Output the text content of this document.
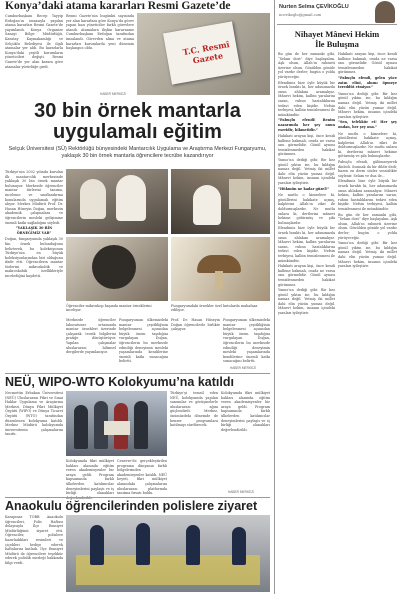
Konya’daki atama kararları Resmi Gazete’de
Cumhurbaşkanı Recep Tayyip Erdoğan’ın imzasıyla yapılan atama kararları Resmi Gazete’de yayımlandı. Konya Organize Sanayi Bölge Müdürlüğü, Karatay Kaymakamlığı ve Selçuklu Belediyesi ile ilgili atamalar yer aldı. Bu kararlarla Konya’daki çeşitli kurumların yöneticileri değişti. Resmi Gazete’de yer alan karara göre atamalar yürürlüğe girdi.
Resmi Gazete’nin bugünkü sayısında yer alan kararlara göre Konya’da görev yapan bazı yöneticiler farklı görevlere atandı. Atamalara ilişkin kararname Cumhurbaşkanı Erdoğan tarafından imzalandı. Görevden alma ve atama kararları kurumlarda yeni dönemin başlangıcı oldu.	T.C. Resmî Gazete
HABER MERKEZİ
30 bin örnek mantarla
uygulamalı eğitim
Selçuk Üniversitesi (SÜ) Rektörlüğü bünyesindeki Mantarcılık Uygulama ve Araştırma Merkezi Fungaryumu, yaklaşık 30 bin örnek mantarla öğrencilere tecrübe kazandırıyor

Türkiye’nin 2002 yılında kurulan ilk mantarcılık merkezinde yaklaşık 30 bin örnek mantar bulunuyor. Merkezde öğrenciler mantar türlerini tanıma, inceleme ve sınıflandırma konularında uygulamalı eğitim alıyor. Merkez Müdürü Prof. Dr. Hasan Hüseyin Doğan, merkezin akademik çalışmalara ve öğrencilerin mesleki gelişimine önemli katkı sağladığını söyledi.

“YAKLAŞIK 30 BİN ÖRNEĞİMİZ VAR”

Doğan, fungaryumda yaklaşık 30 bin örnek bulunduğunu belirterek, bu koleksiyonun Türkiye’nin en büyük koleksiyonlarından biri olduğunu ifade etti. Öğrencilerin mantar türlerini mikroskobik ve makroskobik özellikleriyle incelediğini kaydetti.

Öğrenciler mikroskop başında mantar örneklerini inceliyor.
Fungaryumdaki örnekler özel kutularda muhafaza ediliyor.
Merkezde öğrenciler laboratuvar ortamında mantar örnekleri üzerinde çalışarak teorik bilgilerini pratiğe dönüştürüyor. Yapılan çalışmalar uluslararası bilimsel dergilerde yayımlanıyor.
Fungaryumun ülkemizdeki mantar çeşitliliğinin belgelenmesi açısından büyük önem taşıdığını vurgulayan Doğan, öğrencilerin bu merkezde edindiği deneyimin mesleki yaşamlarında kendilerine önemli katkı sunacağını belirtti.
Prof. Dr. Hasan Hüseyin Doğan öğrencilerle birlikte çalışıyor.
Fungaryumun ülkemizdeki mantar çeşitliliğinin belgelenmesi açısından büyük önem taşıdığını vurgulayan Doğan, öğrencilerin bu merkezde edindiği deneyimin mesleki yaşamlarında kendilerine önemli katkı sunacağını belirtti.
HABER MERKEZİ
NEÜ, WIPO-WTO Kolokyumu’na katıldı
Necmettin Erbakan Üniversitesi (NEÜ) Uluslararası Fikri ve Sınai Haklar Uygulama ve Araştırma Merkezi, Dünya Fikri Mülkiyet Örgütü (WIPO) ve Dünya Ticaret Örgütü (WTO) tarafından düzenlenen kolokyuma katıldı. Merkez Müdürü kolokyumda üniversitenin çalışmalarını tanıttı.
Kolokyumda fikri mülkiyet hakları alanında eğitim veren akademisyenler bir araya geldi. Program kapsamında farklı ülkelerden katılımcılar deneyimlerini paylaştı ve iş birliği olanakları değerlendirildi.
Cenevre’de gerçekleştirilen programa dünyanın farklı bölgelerinden akademisyenler katıldı. NEÜ heyeti, fikri mülkiyet alanındaki çalışmalarını uluslararası platformda tanıtma fırsatı buldu.
Türkiye’yi temsil eden NEÜ, kolokyumda yapılan sunumlar ve görüşmelerle uluslararası ağını güçlendirdi. Merkez, önümüzdeki dönemde de benzer programlara katılmayı sürdürecek.
Kolokyumda fikri mülkiyet hakları alanında eğitim veren akademisyenler bir araya geldi. Program kapsamında farklı ülkelerden katılımcılar deneyimlerini paylaştı ve iş birliği olanakları değerlendirildi.
HABER MERKEZİ
Anaokulu öğrencilerinden polislere ziyaret
Karapınar TOBB Anaokulu öğrencileri, Polis Haftası dolayısıyla İlçe Emniyet Müdürlüğünü ziyaret etti. Öğrenciler, polislere hazırladıkları resimleri ve çiçekleri hediye ederek haftalarını kutladı. İlçe Emniyet Müdürü de öğrencilere teşekkür ederek polislik mesleği hakkında bilgi verdi.
Nurten Selma ÇEVİKOĞLU
ncevikoglu@gmail.com
Nihayet Mânevi Hekim
İle Buluşma

Bu gün de her zamanki gibi, “Selam dost” diye başlayalım. Aşk olsun, Allah’ın rahmeti üzerine olsun. Gönülden gönüle yol vardır derler; bugün o yolda yürüyeceğiz.

Efendimiz bize öyle büyük bir örnek bıraktı ki, her adımımızda onun ahlakını aramalıyız. Mânevi hekim, kalbin yaralarını saran, ruhun hastalıklarını tedavi eden kişidir. Nefsin terbiyesi, kalbin temizlenmesi ile mümkündür.

“Pabuçlu efendi! Benim nazarımda her şey onun eseridir, hikmetidir.”

Hakikati arayan kişi, önce kendi kalbine bakmalı, orada ne varsa onu görmelidir. Gönül aynası temizlenmeden hakikat görünmez.

Yunus’un dediği gibi: Bir kez gönül yıktın ise, bu kıldığın namaz değil. Yetmiş iki millet dahi elin yüzün yumaz değil. Mânevi hekim, insanın içindeki yaraları iyileştirir.

“Hükmün ne kadar güzel!”

Ne mutlu o kimselere ki, gönüllerini hakikate açmış, kalplerini Allah’ın zikri ile doldurmuşlardır. Ne mutlu onlara ki, dertlerini mânevi hekime götürmüş ve şifa bulmuşlardır.

Efendimiz bize öyle büyük bir örnek bıraktı ki, her adımımızda onun ahlakını aramalıyız. Mânevi hekim, kalbin yaralarını saran, ruhun hastalıklarını tedavi eden kişidir. Nefsin terbiyesi, kalbin temizlenmesi ile mümkündür.

Hakikati arayan kişi, önce kendi kalbine bakmalı, orada ne varsa onu görmelidir. Gönül aynası temizlenmeden hakikat görünmez.

Yunus’un dediği gibi: Bir kez gönül yıktın ise, bu kıldığın namaz değil. Yetmiş iki millet dahi elin yüzün yumaz değil. Mânevi hekim, insanın içindeki yaraları iyileştirir.

Hakikati arayan kişi, önce kendi kalbine bakmalı, orada ne varsa onu görmelidir. Gönül aynası temizlenmeden hakikat görünmez.

“Pabuçlu efendi, gelen yüce zatın elini, alnını öpmeye tereddüt etmiyor.”

Yunus’un dediği gibi: Bir kez gönül yıktın ise, bu kıldığın namaz değil. Yetmiş iki millet dahi elin yüzün yumaz değil. Mânevi hekim, insanın içindeki yaraları iyileştirir.

“Sen, tefekkür et! Her şey ondan, her şey ona.”

Ne mutlu o kimselere ki, gönüllerini hakikate açmış, kalplerini Allah’ın zikri ile doldurmuşlardır. Ne mutlu onlara ki, dertlerini mânevi hekime götürmüş ve şifa bulmuşlardır.

Pabuçlu efendi, gülümseyerek dinledi. Susmak da bir dildir dedi; bazen en derin sözler sessizlikte söylenir. Selam ve dua ile...

Efendimiz bize öyle büyük bir örnek bıraktı ki, her adımımızda onun ahlakını aramalıyız. Mânevi hekim, kalbin yaralarını saran, ruhun hastalıklarını tedavi eden kişidir. Nefsin terbiyesi, kalbin temizlenmesi ile mümkündür.

Bu gün de her zamanki gibi, “Selam dost” diye başlayalım. Aşk olsun, Allah’ın rahmeti üzerine olsun. Gönülden gönüle yol vardır derler; bugün o yolda yürüyeceğiz.

Yunus’un dediği gibi: Bir kez gönül yıktın ise, bu kıldığın namaz değil. Yetmiş iki millet dahi elin yüzün yumaz değil. Mânevi hekim, insanın içindeki yaraları iyileştirir.
